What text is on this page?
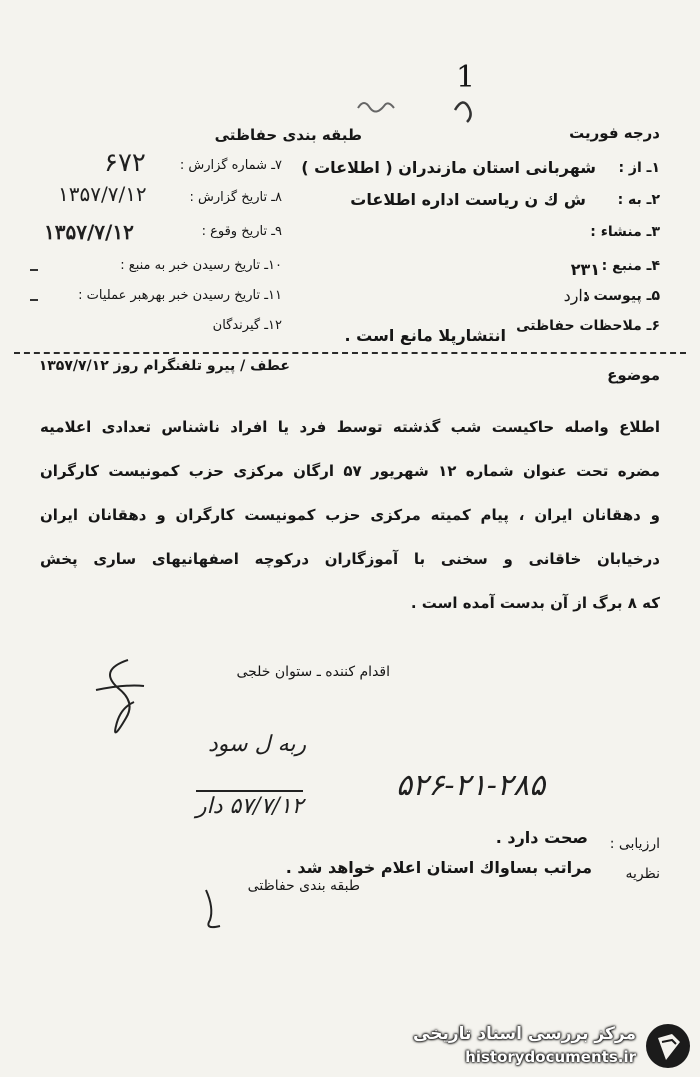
1
درجه فوریت
طبقه بندی حفاظتی
۱ـ از :
شهربانی استان مازندران ( اطلاعات )
۲ـ به :
ش ك ن ریاست اداره اطلاعات
۳ـ منشاء :
۴ـ منبع :
۲۳۱
۵ـ پیوست :
دارد
۶ـ ملاحظات حفاظتی
انتشارپلا مانع است .
۷ـ شماره گزارش :
۶۷۲
۸ـ تاریخ گزارش :
۱۳۵۷/۷/۱۲
۹ـ تاریخ وقوع :
۱۳۵۷/۷/۱۲
۱۰ـ تاریخ رسیدن خبر به منبع :
۱۱ـ تاریخ رسیدن خبر بهرهبر عملیات :
۱۲ـ گیرندگان
موضوع
عطف / پیرو تلفنگرام روز ۱۳۵۷/۷/۱۲
اطلاع واصله حاکیست شب گذشته توسط فرد یا افراد ناشناس تعدادی اعلامیه
مضره تحت عنوان شماره ۱۲ شهریور ۵۷ ارگان مرکزی حزب کمونیست کارگران
و دهقانان ایران ، پیام کمیته مرکزی حزب کمونیست کارگران و دهقانان ایران
درخیابان خاقانی و سخنی با آموزگاران درکوچه اصفهانیهای ساری پخش
که ۸ برگ از آن بدست آمده است .
اقدام کننده ـ ستوان خلجی
ربه ل سود
۵۷/۷/۱۲ دار
۵۲۶-۲۱-۲۸۵
ارزیابی :
صحت دارد .
نظریه
مراتب بساواك استان اعلام خواهد شد .
طبقه بندی حفاظتی
مرکز بررسی اسناد تاریخی
historydocuments.ir
